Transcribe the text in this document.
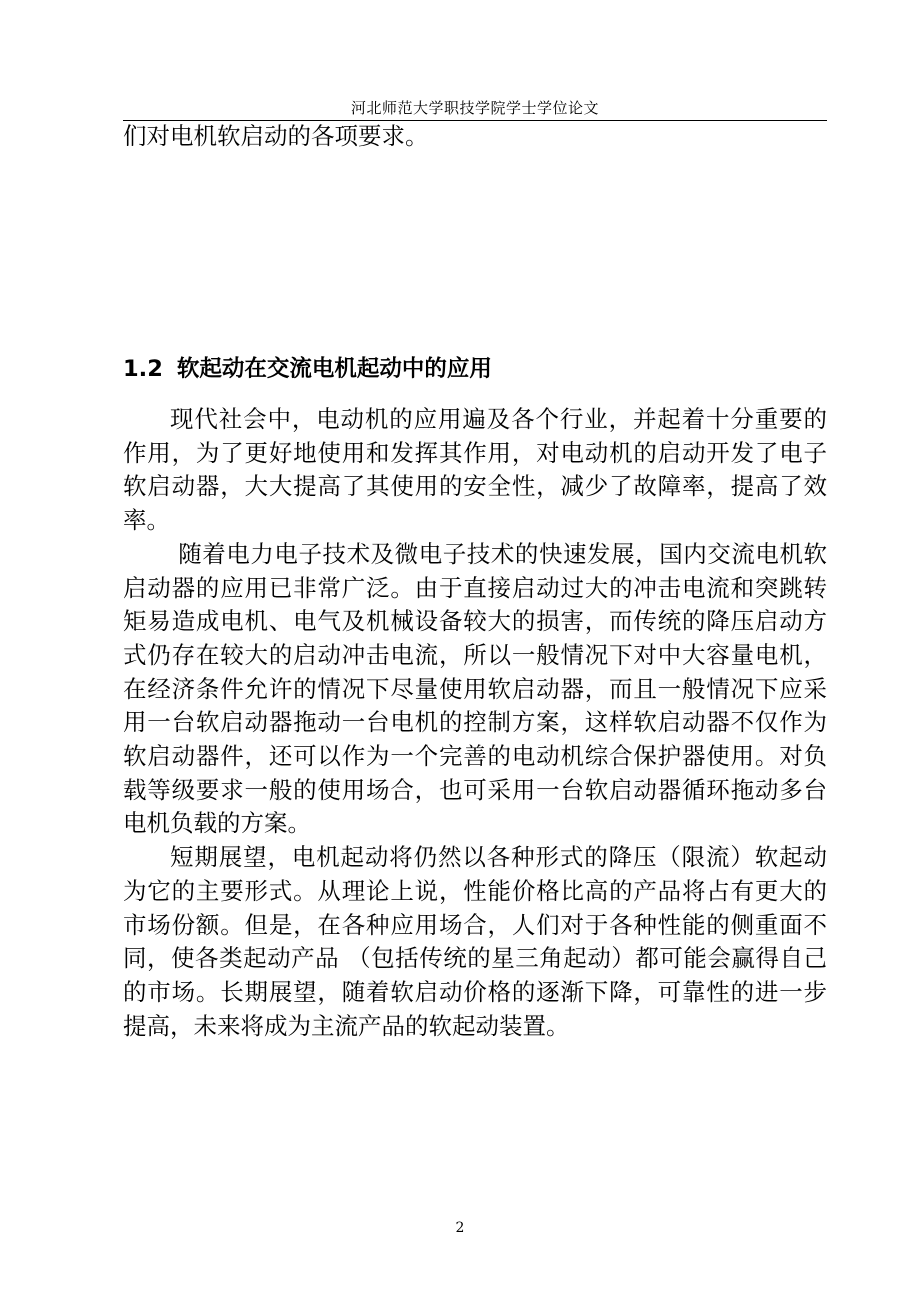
河北师范大学职技学院学士学位论文
们对电机软启动的各项要求。
1.2 软起动在交流电机起动中的应用

现代社会中，电动机的应用遍及各个行业，并起着十分重要的作用，为了更好地使用和发挥其作用，对电动机的启动开发了电子软启动器，大大提高了其使用的安全性，减少了故障率，提高了效率。

随着电力电子技术及微电子技术的快速发展，国内交流电机软启动器的应用已非常广泛。由于直接启动过大的冲击电流和突跳转矩易造成电机、电气及机械设备较大的损害，而传统的降压启动方式仍存在较大的启动冲击电流，所以一般情况下对中大容量电机，在经济条件允许的情况下尽量使用软启动器，而且一般情况下应采用一台软启动器拖动一台电机的控制方案，这样软启动器不仅作为软启动器件，还可以作为一个完善的电动机综合保护器使用。对负载等级要求一般的使用场合，也可采用一台软启动器循环拖动多台电机负载的方案。

短期展望，电机起动将仍然以各种形式的降压（限流）软起动为它的主要形式。从理论上说，性能价格比高的产品将占有更大的市场份额。但是，在各种应用场合，人们对于各种性能的侧重面不同，使各类起动产品 （包括传统的星三角起动）都可能会赢得自己的市场。长期展望，随着软启动价格的逐渐下降，可靠性的进一步提高，未来将成为主流产品的软起动装置。

2
